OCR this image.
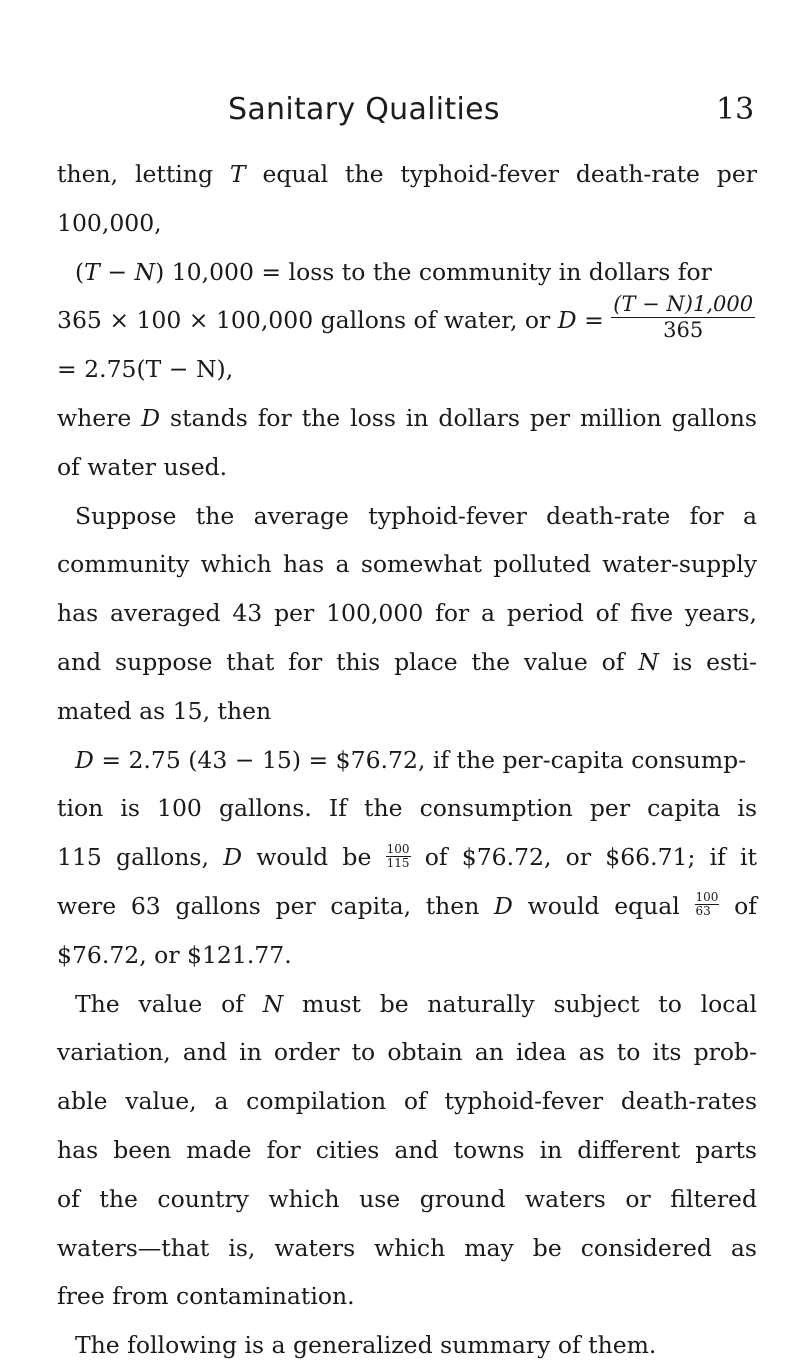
Sanitary Qualities	13
then, letting T equal the typhoid-fever death-rate per
100,000,
(T − N) 10,000 = loss to the community in dollars for
365 × 100 × 100,000 gallons of water, or $D = \frac{(T - N)1,000}{365}$
= 2.75(T − N),
where D stands for the loss in dollars per million gallons
of water used.
Suppose the average typhoid-fever death-rate for a
community which has a somewhat polluted water-supply
has averaged 43 per 100,000 for a period of five years,
and suppose that for this place the value of N is esti-
mated as 15, then
D = 2.75 (43 − 15) = $76.72, if the per-capita consump-
tion is 100 gallons. If the consumption per capita is
115 gallons, D would be $\frac{100}{115}$ of $76.72, or $66.71; if it
were 63 gallons per capita, then D would equal $\frac{100}{63}$ of
$76.72, or $121.77.
The value of N must be naturally subject to local
variation, and in order to obtain an idea as to its prob-
able value, a compilation of typhoid-fever death-rates
has been made for cities and towns in different parts
of the country which use ground waters or filtered
waters—that is, waters which may be considered as
free from contamination.
The following is a generalized summary of them.
